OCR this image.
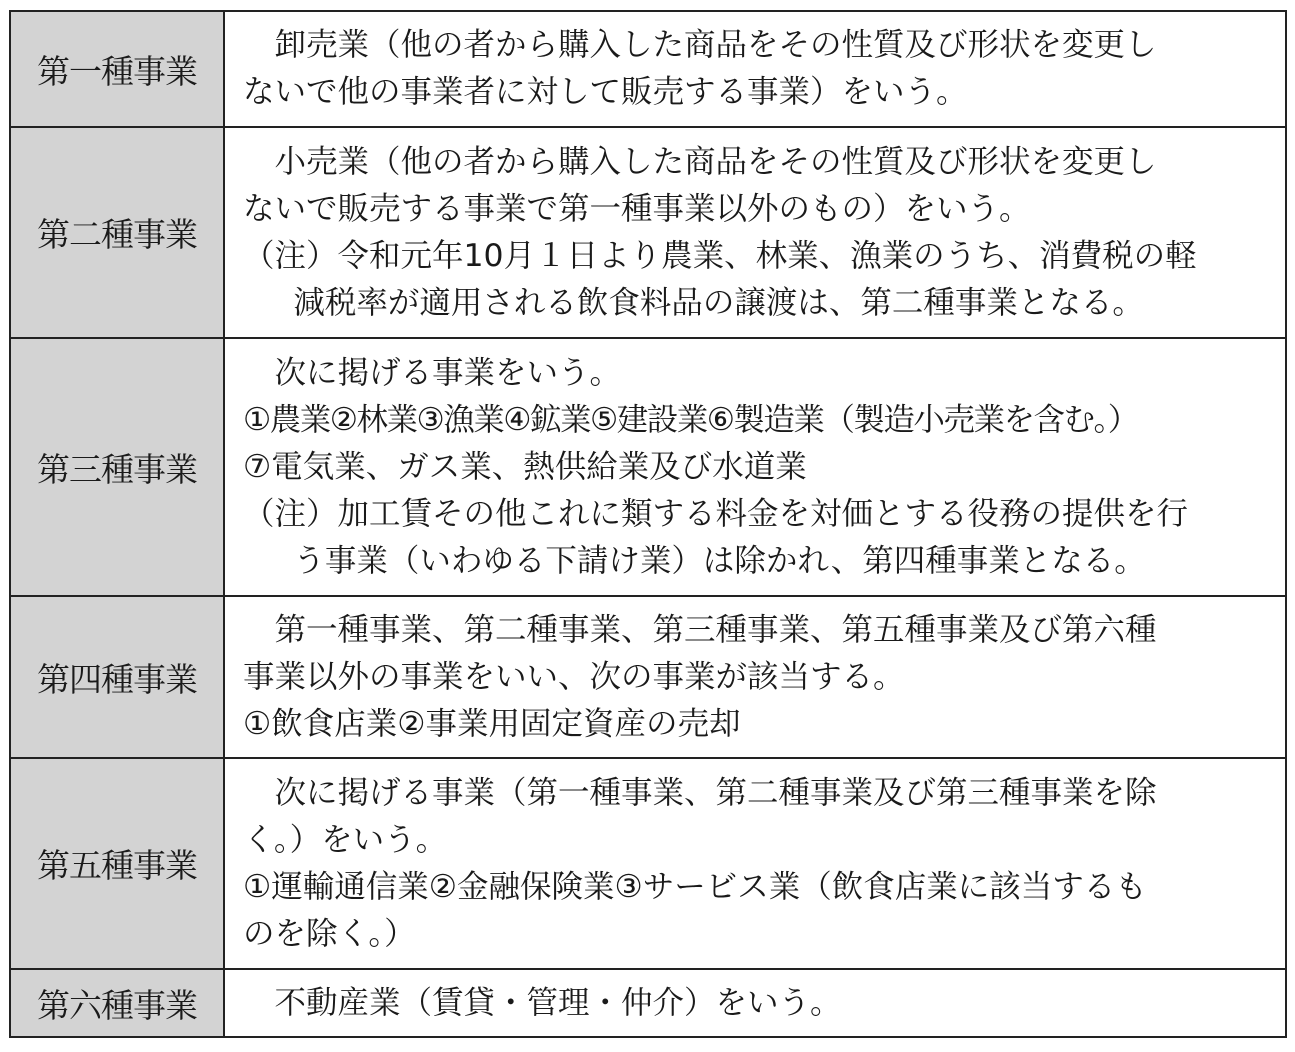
第一種事業	卸売業（他の者から購入した商品をその性質及び形状を変更し
ないで他の事業者に対して販売する事業）をいう。

第二種事業	小売業（他の者から購入した商品をその性質及び形状を変更し
ないで販売する事業で第一種事業以外のもの）をいう。
（注）令和元年10月１日より農業、林業、漁業のうち、消費税の軽
減税率が適用される飲食料品の譲渡は、第二種事業となる。

第三種事業	次に掲げる事業をいう。
①農業②林業③漁業④鉱業⑤建設業⑥製造業（製造小売業を含む。）
⑦電気業、ガス業、熱供給業及び水道業
（注）加工賃その他これに類する料金を対価とする役務の提供を行
う事業（いわゆる下請け業）は除かれ、第四種事業となる。

第四種事業	第一種事業、第二種事業、第三種事業、第五種事業及び第六種
事業以外の事業をいい、次の事業が該当する。
①飲食店業②事業用固定資産の売却

第五種事業	次に掲げる事業（第一種事業、第二種事業及び第三種事業を除
く。）をいう。
①運輸通信業②金融保険業③サービス業（飲食店業に該当するも
のを除く。）

第六種事業	不動産業（賃貸・管理・仲介）をいう。
